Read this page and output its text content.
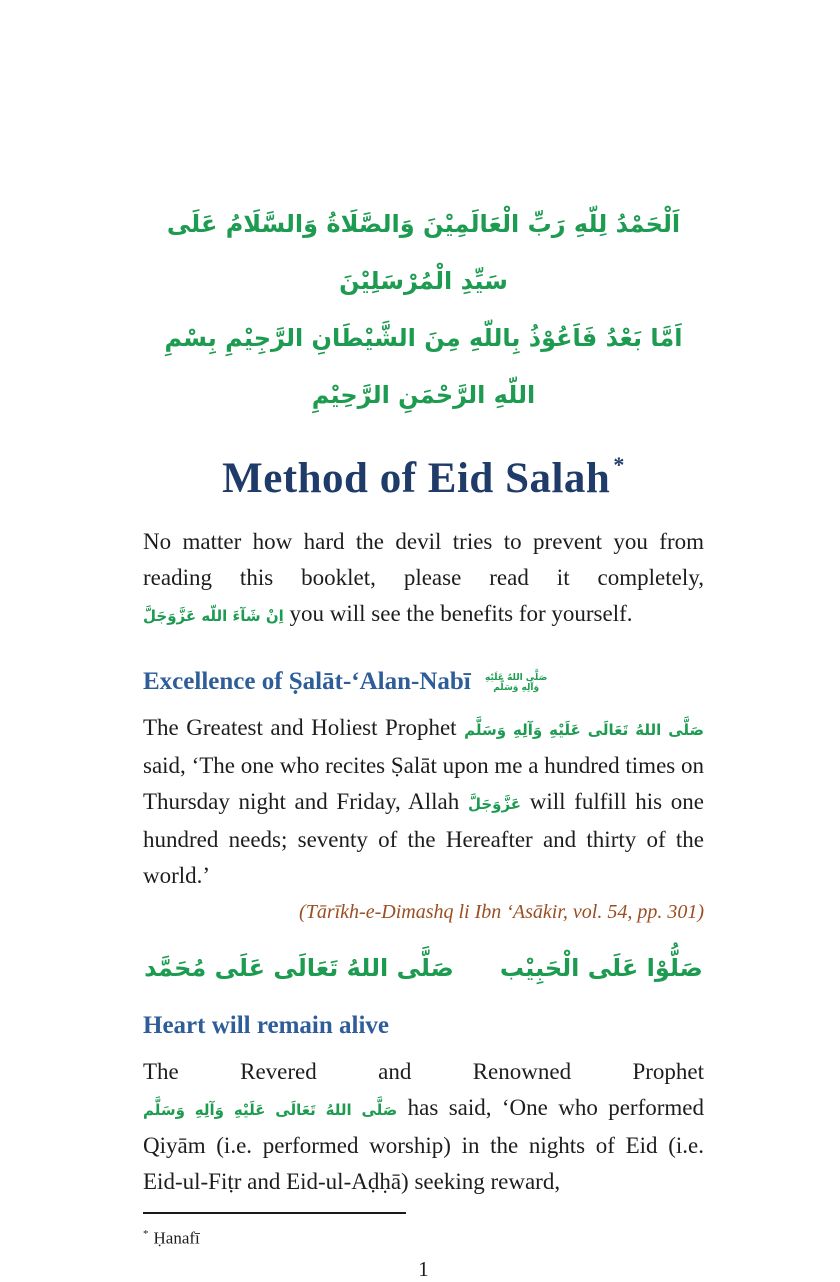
اَلْحَمْدُ لِلّهِ رَبِّ الْعَالَمِيْنَ وَالصَّلَاةُ وَالسَّلَامُ عَلَى سَيِّدِ الْمُرْسَلِيْنَ
اَمَّا بَعْدُ فَاَعُوْذُ بِاللّهِ مِنَ الشَّيْطَانِ الرَّجِيْمِ بِسْمِ اللّهِ الرَّحْمَنِ الرَّحِيْمِ
Method of Eid Salah *

No matter how hard the devil tries to prevent you from reading this booklet, please read it completely, اِنْ شَآءَ اللّه عَزَّوَجَلَّ you will see the benefits for yourself.

Excellence of Ṣalāt-‘Alan-Nabī صَلَّى اللهُ عَلَيْهِ
وَآلِهِ وَسَلَّم

The Greatest and Holiest Prophet صَلَّى اللهُ تَعَالَى عَلَيْهِ وَآلِهِ وَسَلَّم said, ‘The one who recites Ṣalāt upon me a hundred times on Thursday night and Friday, Allah عَزَّوَجَلَّ will fulfill his one hundred needs; seventy of the Hereafter and thirty of the world.’

(Tārīkh-e-Dimashq li Ibn ‘Asākir, vol. 54, pp. 301)
صَلُّوْا عَلَى الْحَبِيْب
صَلَّى اللهُ تَعَالَى عَلَى مُحَمَّد
Heart will remain alive

The Revered and Renowned Prophet صَلَّى اللهُ تَعَالَى عَلَيْهِ وَآلِهِ وَسَلَّم has said, ‘One who performed Qiyām (i.e. performed worship) in the nights of Eid (i.e. Eid-ul-Fiṭr and Eid-ul-Aḍḥā) seeking reward,

* Ḥanafī
1
